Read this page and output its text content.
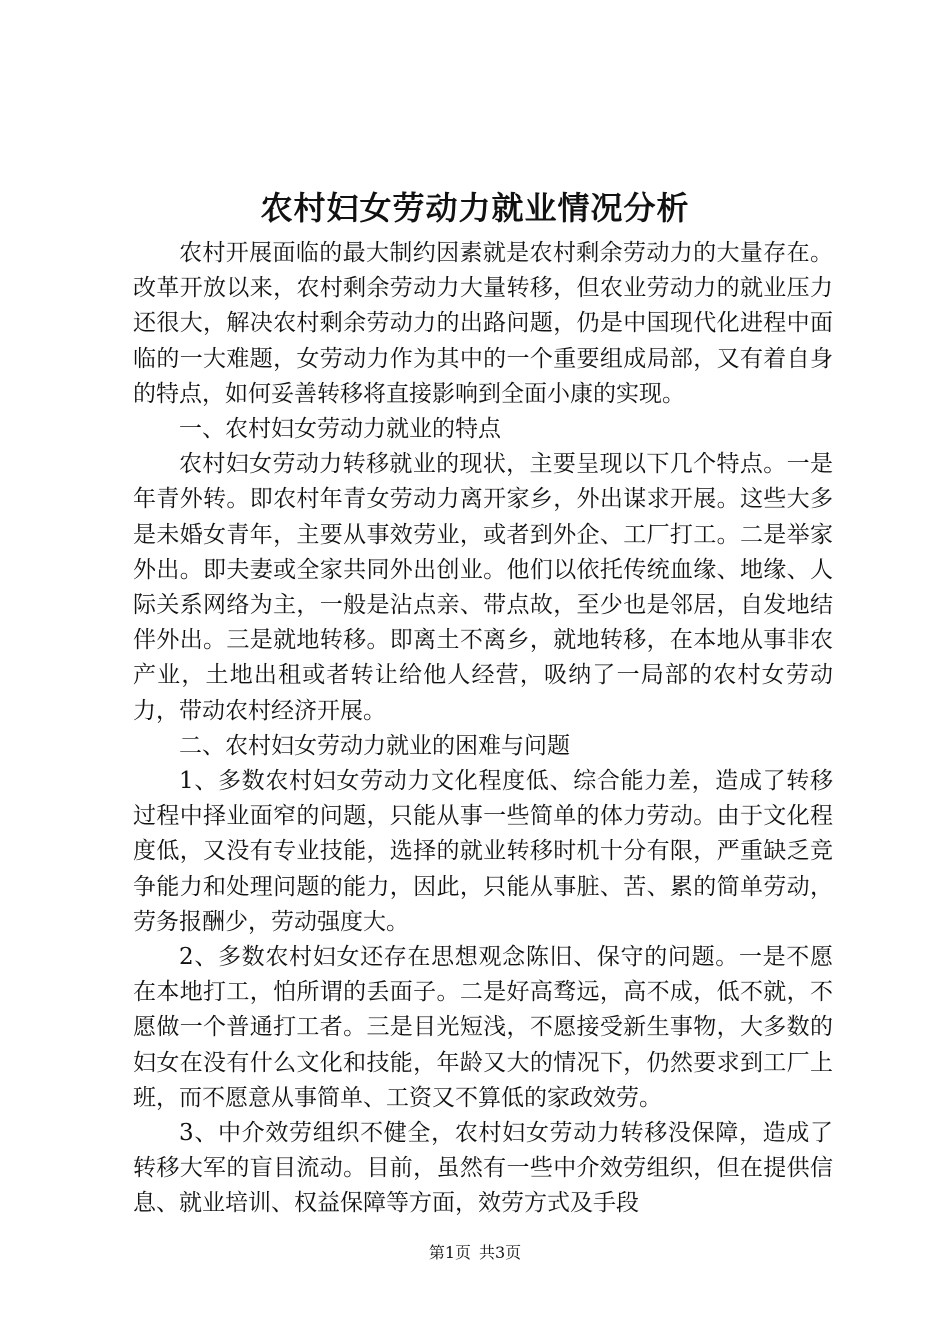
农村妇女劳动力就业情况分析

农村开展面临的最大制约因素就是农村剩余劳动力的大量存在。改革开放以来，农村剩余劳动力大量转移，但农业劳动力的就业压力还很大，解决农村剩余劳动力的出路问题，仍是中国现代化进程中面临的一大难题，女劳动力作为其中的一个重要组成局部，又有着自身的特点，如何妥善转移将直接影响到全面小康的实现。

一、农村妇女劳动力就业的特点

农村妇女劳动力转移就业的现状，主要呈现以下几个特点。一是年青外转。即农村年青女劳动力离开家乡，外出谋求开展。这些大多是未婚女青年，主要从事效劳业，或者到外企、工厂打工。二是举家外出。即夫妻或全家共同外出创业。他们以依托传统血缘、地缘、人际关系网络为主，一般是沾点亲、带点故，至少也是邻居，自发地结伴外出。三是就地转移。即离土不离乡，就地转移，在本地从事非农产业，土地出租或者转让给他人经营，吸纳了一局部的农村女劳动力，带动农村经济开展。

二、农村妇女劳动力就业的困难与问题

1、多数农村妇女劳动力文化程度低、综合能力差，造成了转移过程中择业面窄的问题，只能从事一些简单的体力劳动。由于文化程度低，又没有专业技能，选择的就业转移时机十分有限，严重缺乏竞争能力和处理问题的能力，因此，只能从事脏、苦、累的简单劳动，劳务报酬少，劳动强度大。

2、多数农村妇女还存在思想观念陈旧、保守的问题。一是不愿在本地打工，怕所谓的丢面子。二是好高骛远，高不成，低不就，不愿做一个普通打工者。三是目光短浅，不愿接受新生事物，大多数的妇女在没有什么文化和技能，年龄又大的情况下，仍然要求到工厂上班，而不愿意从事简单、工资又不算低的家政效劳。

3、中介效劳组织不健全，农村妇女劳动力转移没保障，造成了转移大军的盲目流动。目前，虽然有一些中介效劳组织，但在提供信息、就业培训、权益保障等方面，效劳方式及手段

第1页 共3页
